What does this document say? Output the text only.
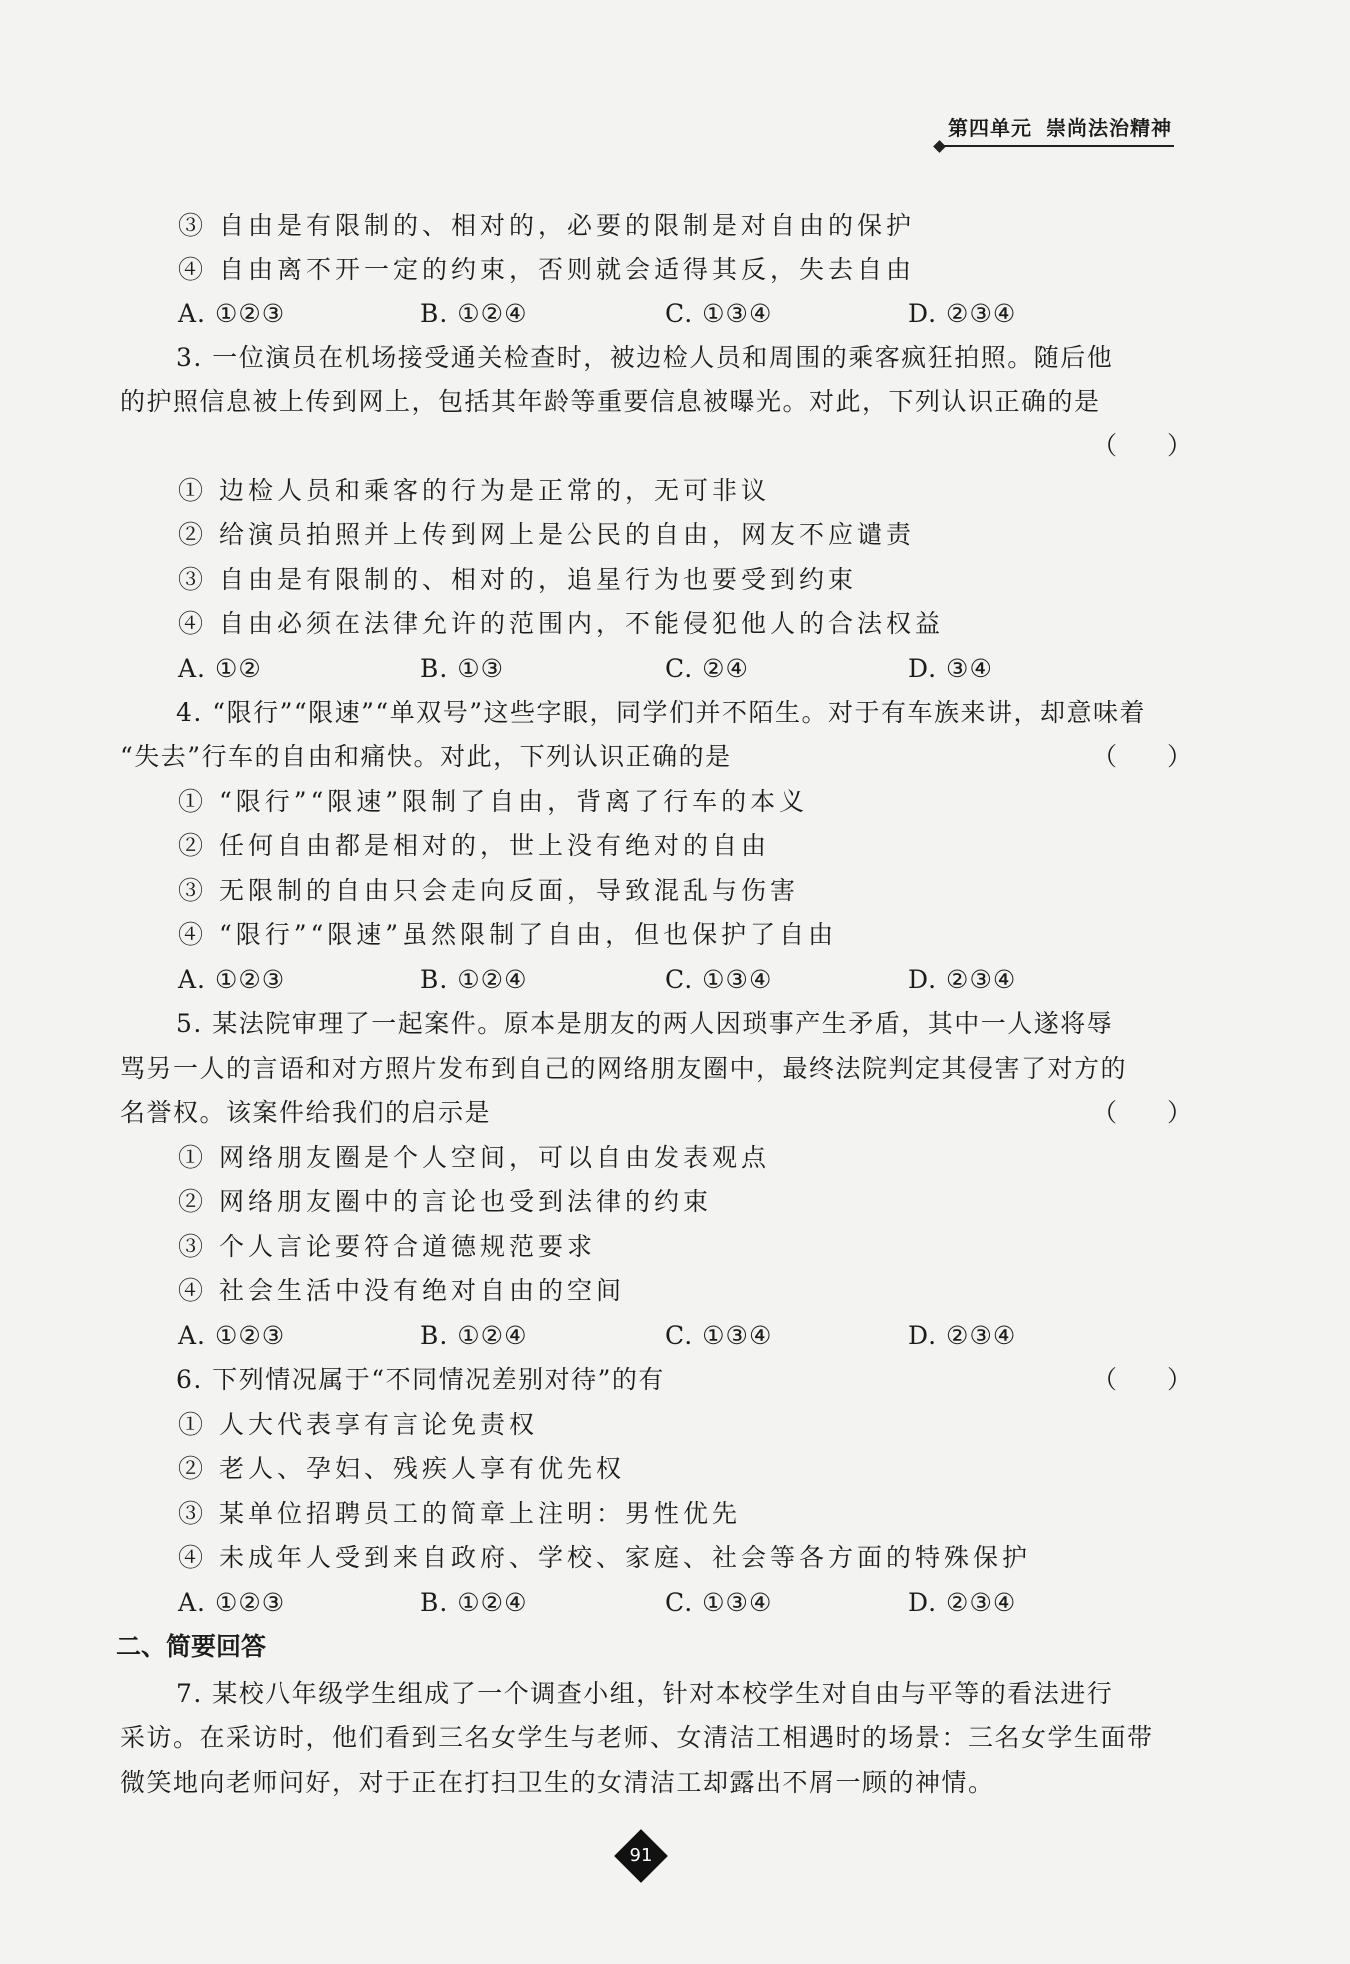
第四单元 崇尚法治精神
③ 自由是有限制的、相对的，必要的限制是对自由的保护
④ 自由离不开一定的约束，否则就会适得其反，失去自由
A. ①②③	B. ①②④	C. ①③④	D. ②③④
3. 一位演员在机场接受通关检查时，被边检人员和周围的乘客疯狂拍照。随后他
的护照信息被上传到网上，包括其年龄等重要信息被曝光。对此，下列认识正确的是
（　　）
① 边检人员和乘客的行为是正常的，无可非议
② 给演员拍照并上传到网上是公民的自由，网友不应谴责
③ 自由是有限制的、相对的，追星行为也要受到约束
④ 自由必须在法律允许的范围内，不能侵犯他人的合法权益
A. ①②	B. ①③	C. ②④	D. ③④
4. “限行”“限速”“单双号”这些字眼，同学们并不陌生。对于有车族来讲，却意味着
“失去”行车的自由和痛快。对此，下列认识正确的是	（　　）
① “限行”“限速”限制了自由，背离了行车的本义
② 任何自由都是相对的，世上没有绝对的自由
③ 无限制的自由只会走向反面，导致混乱与伤害
④ “限行”“限速”虽然限制了自由，但也保护了自由
A. ①②③	B. ①②④	C. ①③④	D. ②③④
5. 某法院审理了一起案件。原本是朋友的两人因琐事产生矛盾，其中一人遂将辱
骂另一人的言语和对方照片发布到自己的网络朋友圈中，最终法院判定其侵害了对方的
名誉权。该案件给我们的启示是	（　　）
① 网络朋友圈是个人空间，可以自由发表观点
② 网络朋友圈中的言论也受到法律的约束
③ 个人言论要符合道德规范要求
④ 社会生活中没有绝对自由的空间
A. ①②③	B. ①②④	C. ①③④	D. ②③④
6. 下列情况属于“不同情况差别对待”的有	（　　）
① 人大代表享有言论免责权
② 老人、孕妇、残疾人享有优先权
③ 某单位招聘员工的简章上注明：男性优先
④ 未成年人受到来自政府、学校、家庭、社会等各方面的特殊保护
A. ①②③	B. ①②④	C. ①③④	D. ②③④
二、简要回答
7. 某校八年级学生组成了一个调查小组，针对本校学生对自由与平等的看法进行
采访。在采访时，他们看到三名女学生与老师、女清洁工相遇时的场景：三名女学生面带
微笑地向老师问好，对于正在打扫卫生的女清洁工却露出不屑一顾的神情。
91
